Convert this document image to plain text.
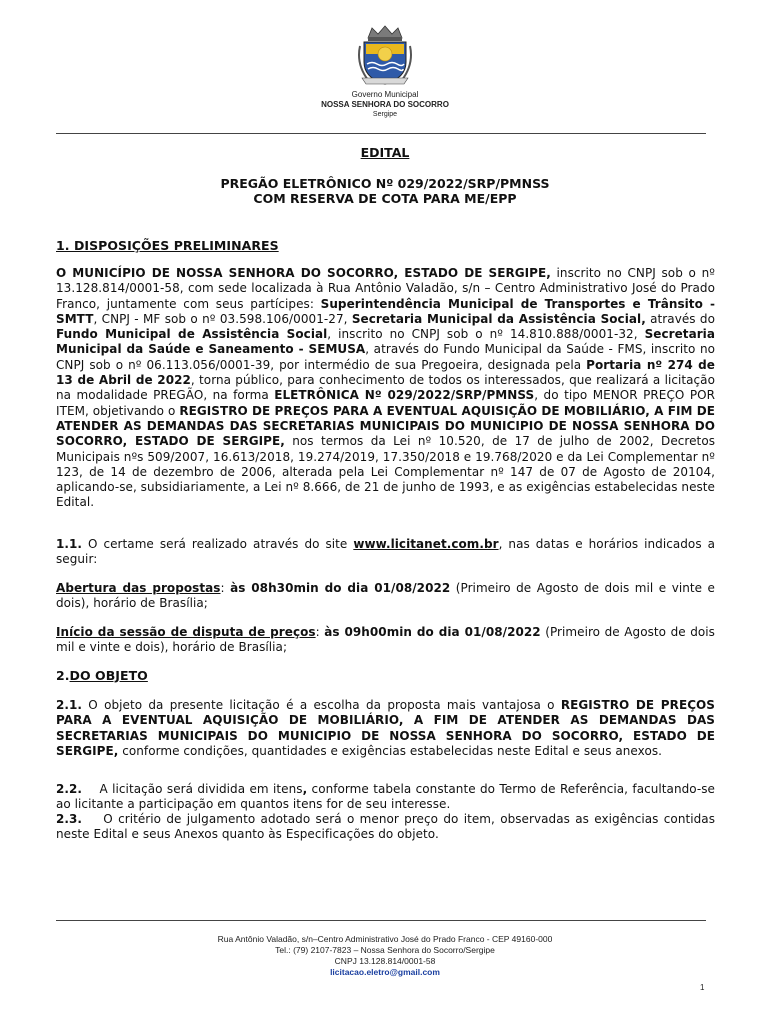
Governo Municipal
NOSSA SENHORA DO SOCORRO
Sergipe
EDITAL
PREGÃO ELETRÔNICO Nº 029/2022/SRP/PMNSS
COM RESERVA DE COTA PARA ME/EPP
1. DISPOSIÇÕES PRELIMINARES
O MUNICÍPIO DE NOSSA SENHORA DO SOCORRO, ESTADO DE SERGIPE, inscrito no CNPJ sob o nº 13.128.814/0001-58, com sede localizada à Rua Antônio Valadão, s/n – Centro Administrativo José do Prado Franco, juntamente com seus partícipes: Superintendência Municipal de Transportes e Trânsito - SMTT, CNPJ - MF sob o nº 03.598.106/0001-27, Secretaria Municipal da Assistência Social, através do Fundo Municipal de Assistência Social, inscrito no CNPJ sob o nº 14.810.888/0001-32, Secretaria Municipal da Saúde e Saneamento - SEMUSA, através do Fundo Municipal da Saúde - FMS, inscrito no CNPJ sob o nº 06.113.056/0001-39, por intermédio de sua Pregoeira, designada pela Portaria nº 274 de 13 de Abril de 2022, torna público, para conhecimento de todos os interessados, que realizará a licitação na modalidade PREGÃO, na forma ELETRÔNICA Nº 029/2022/SRP/PMNSS, do tipo MENOR PREÇO POR ITEM, objetivando o REGISTRO DE PREÇOS PARA A EVENTUAL AQUISIÇÃO DE MOBILIÁRIO, A FIM DE ATENDER AS DEMANDAS DAS SECRETARIAS MUNICIPAIS DO MUNICIPIO DE NOSSA SENHORA DO SOCORRO, ESTADO DE SERGIPE, nos termos da Lei nº 10.520, de 17 de julho de 2002, Decretos Municipais nºs 509/2007, 16.613/2018, 19.274/2019, 17.350/2018 e 19.768/2020 e da Lei Complementar nº 123, de 14 de dezembro de 2006, alterada pela Lei Complementar nº 147 de 07 de Agosto de 20104, aplicando-se, subsidiariamente, a Lei nº 8.666, de 21 de junho de 1993, e as exigências estabelecidas neste Edital.
1.1. O certame será realizado através do site www.licitanet.com.br, nas datas e horários indicados a seguir:
Abertura das propostas: às 08h30min do dia 01/08/2022 (Primeiro de Agosto de dois mil e vinte e dois), horário de Brasília;
Início da sessão de disputa de preços: às 09h00min do dia 01/08/2022 (Primeiro de Agosto de dois mil e vinte e dois), horário de Brasília;
2.DO OBJETO
2.1. O objeto da presente licitação é a escolha da proposta mais vantajosa o REGISTRO DE PREÇOS PARA A EVENTUAL AQUISIÇÃO DE MOBILIÁRIO, A FIM DE ATENDER AS DEMANDAS DAS SECRETARIAS MUNICIPAIS DO MUNICIPIO DE NOSSA SENHORA DO SOCORRO, ESTADO DE SERGIPE, conforme condições, quantidades e exigências estabelecidas neste Edital e seus anexos.
2.2.    A licitação será dividida em itens, conforme tabela constante do Termo de Referência, facultando-se ao licitante a participação em quantos itens for de seu interesse.
2.3.    O critério de julgamento adotado será o menor preço do item, observadas as exigências contidas neste Edital e seus Anexos quanto às Especificações do objeto.
Rua Antônio Valadão, s/n–Centro Administrativo José do Prado Franco - CEP 49160-000
Tel.: (79) 2107-7823 – Nossa Senhora do Socorro/Sergipe
CNPJ 13.128.814/0001-58
licitacao.eletro@gmail.com
1
